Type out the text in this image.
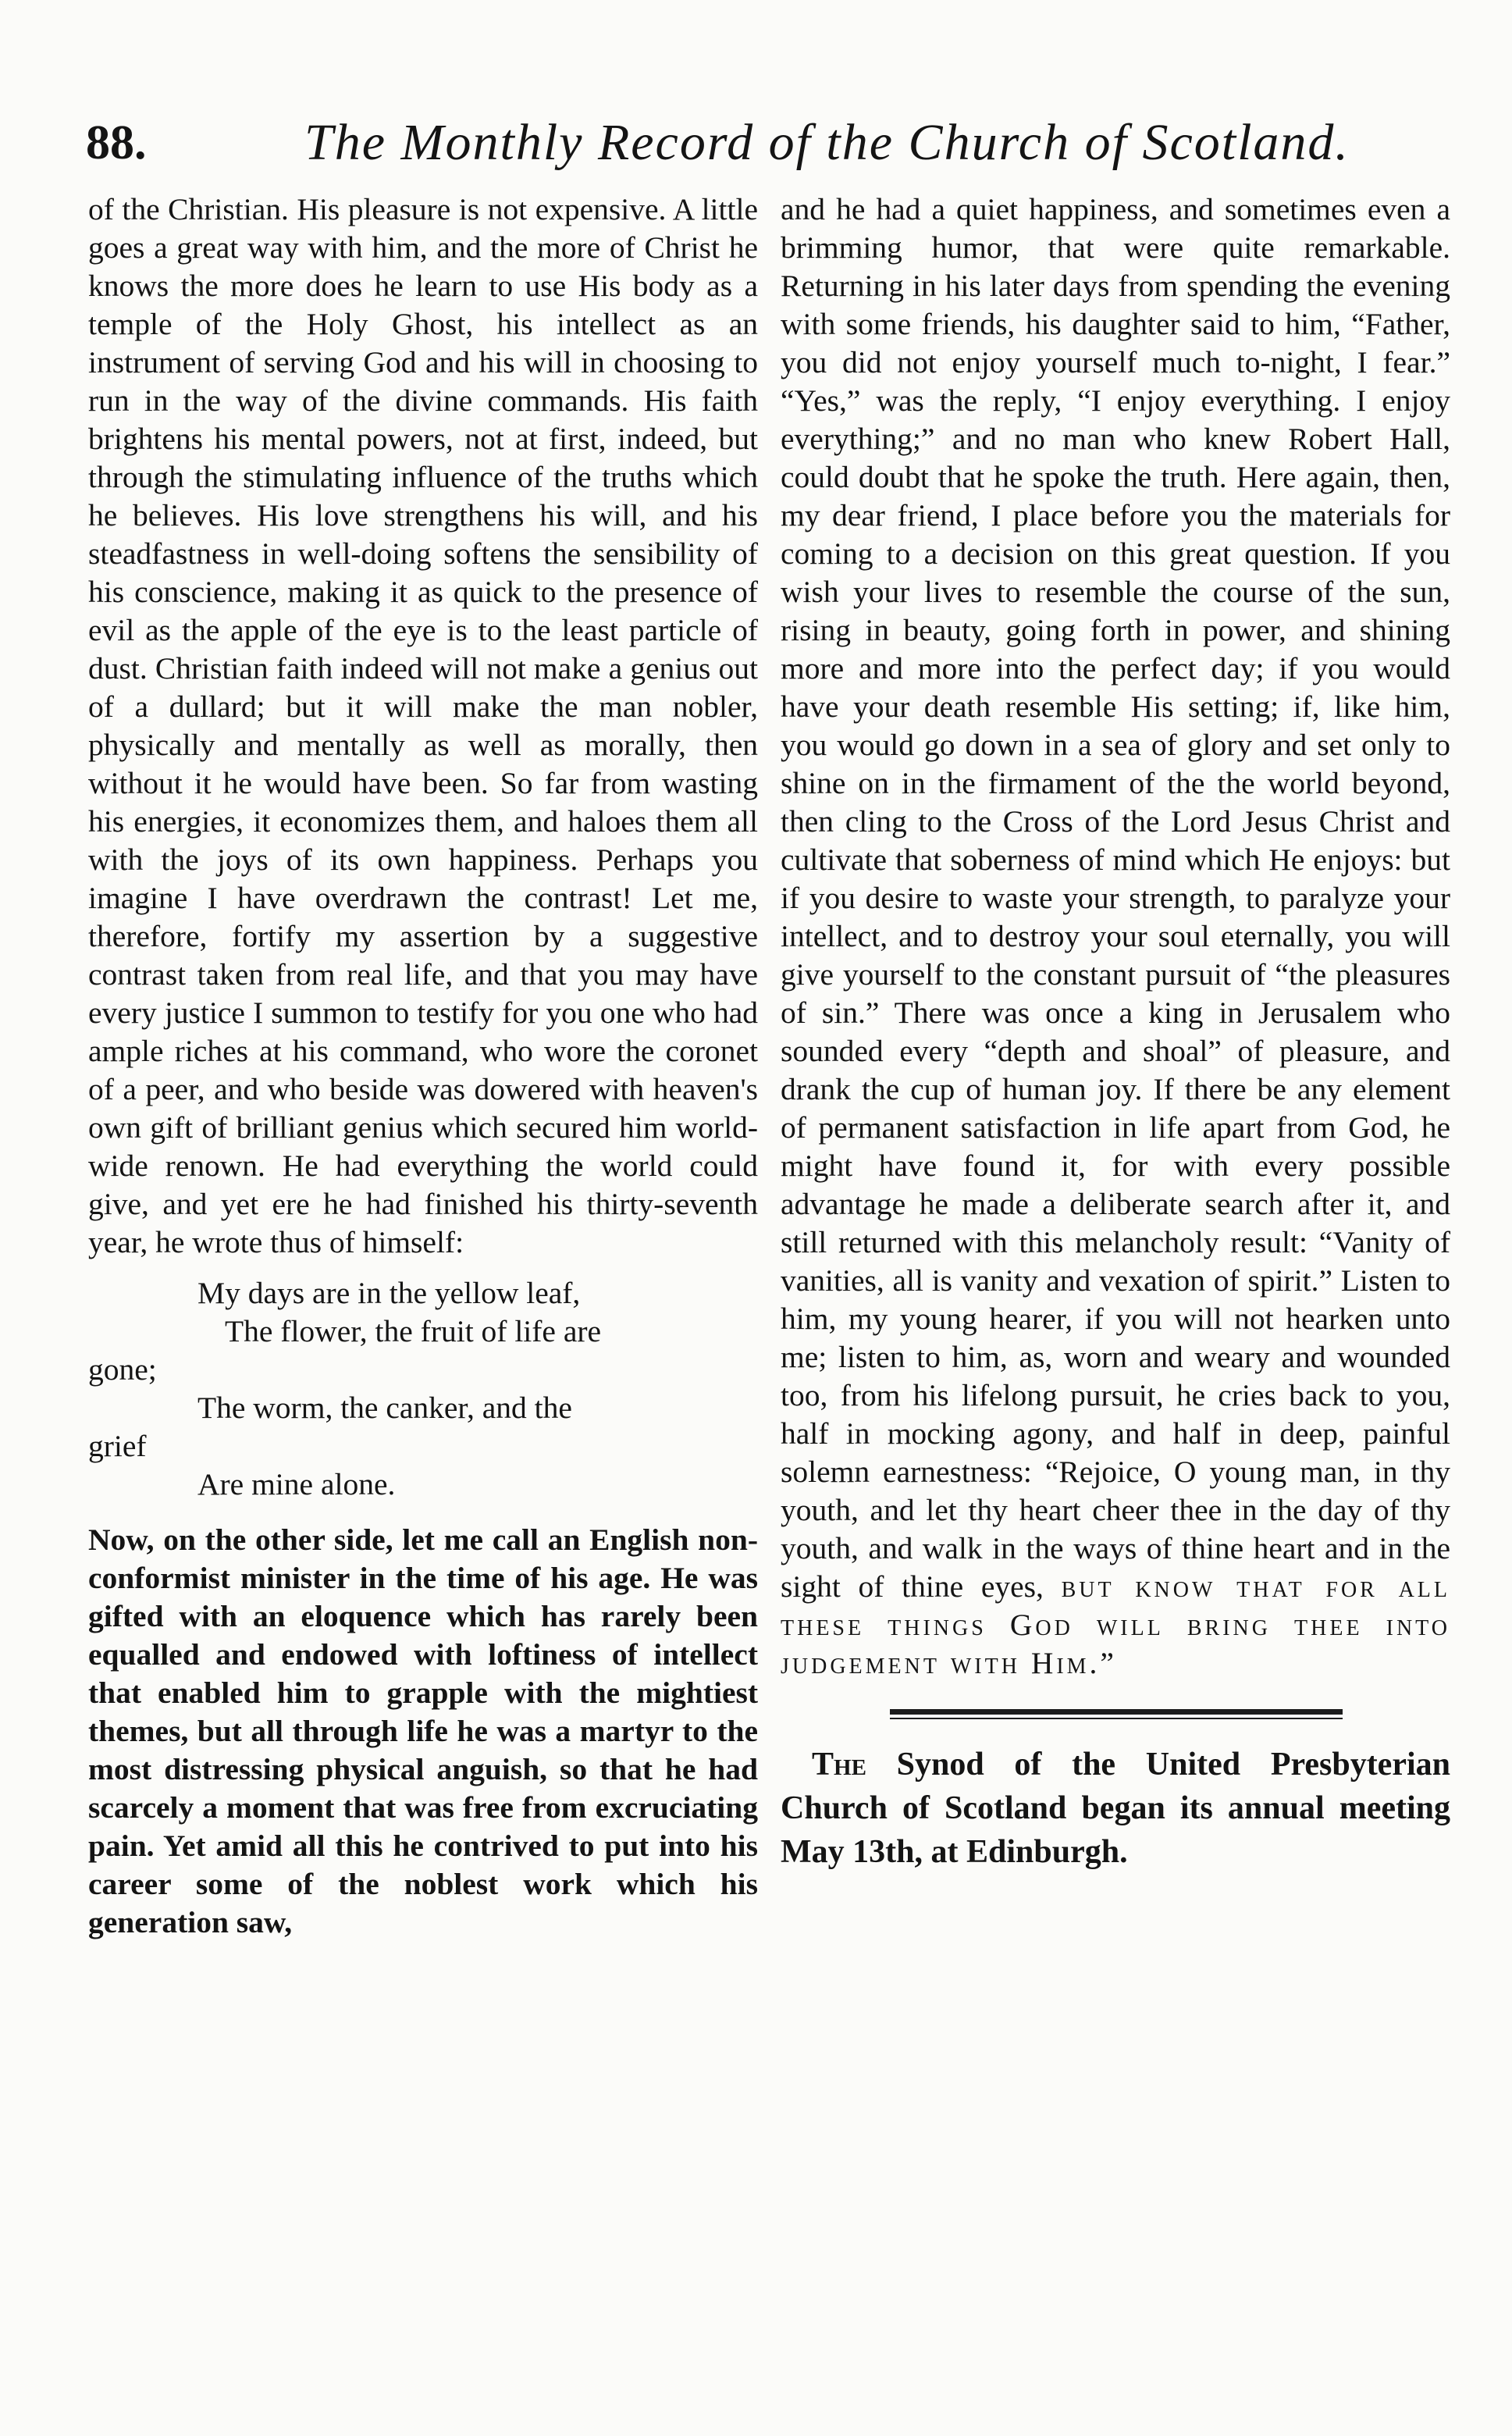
88.	The Monthly Record of the Church of Scotland.

of the Christian. His pleasure is not expensive. A little goes a great way with him, and the more of Christ he knows the more does he learn to use His body as a temple of the Holy Ghost, his intellect as an instrument of serving God and his will in choosing to run in the way of the divine commands. His faith brightens his mental powers, not at first, indeed, but through the stimulating influence of the truths which he believes. His love strengthens his will, and his steadfastness in well-doing softens the sensibility of his conscience, making it as quick to the presence of evil as the apple of the eye is to the least particle of dust. Christian faith indeed will not make a genius out of a dullard; but it will make the man nobler, physically and mentally as well as morally, then without it he would have been. So far from wasting his energies, it economizes them, and haloes them all with the joys of its own happiness. Perhaps you imagine I have overdrawn the contrast! Let me, therefore, fortify my assertion by a suggestive contrast taken from real life, and that you may have every justice I summon to testify for you one who had ample riches at his command, who wore the coronet of a peer, and who beside was dowered with heaven's own gift of brilliant genius which secured him world-wide renown. He had everything the world could give, and yet ere he had finished his thirty-seventh year, he wrote thus of himself:

My days are in the yellow leaf,
The flower, the fruit of life are
gone;
The worm, the canker, and the
grief
Are mine alone.

Now, on the other side, let me call an English non-conformist minister in the time of his age. He was gifted with an eloquence which has rarely been equalled and endowed with loftiness of intellect that enabled him to grapple with the mightiest themes, but all through life he was a martyr to the most distressing physical anguish, so that he had scarcely a moment that was free from excruciating pain. Yet amid all this he contrived to put into his career some of the noblest work which his generation saw,

and he had a quiet happiness, and sometimes even a brimming humor, that were quite remarkable. Returning in his later days from spending the evening with some friends, his daughter said to him, “Father, you did not enjoy yourself much to-night, I fear.” “Yes,” was the reply, “I enjoy everything. I enjoy everything;” and no man who knew Robert Hall, could doubt that he spoke the truth. Here again, then, my dear friend, I place before you the materials for coming to a decision on this great question. If you wish your lives to resemble the course of the sun, rising in beauty, going forth in power, and shining more and more into the perfect day; if you would have your death resemble His setting; if, like him, you would go down in a sea of glory and set only to shine on in the firmament of the the world beyond, then cling to the Cross of the Lord Jesus Christ and cultivate that soberness of mind which He enjoys: but if you desire to waste your strength, to paralyze your intellect, and to destroy your soul eternally, you will give yourself to the constant pursuit of “the pleasures of sin.” There was once a king in Jerusalem who sounded every “depth and shoal” of pleasure, and drank the cup of human joy. If there be any element of permanent satisfaction in life apart from God, he might have found it, for with every possible advantage he made a deliberate search after it, and still returned with this melancholy result: “Vanity of vanities, all is vanity and vexation of spirit.” Listen to him, my young hearer, if you will not hearken unto me; listen to him, as, worn and weary and wounded too, from his lifelong pursuit, he cries back to you, half in mocking agony, and half in deep, painful solemn earnestness: “Rejoice, O young man, in thy youth, and let thy heart cheer thee in the day of thy youth, and walk in the ways of thine heart and in the sight of thine eyes, but know that for all these things God will bring thee into judgement with Him.”

The Synod of the United Presbyterian Church of Scotland began its annual meeting May 13th, at Edinburgh.
